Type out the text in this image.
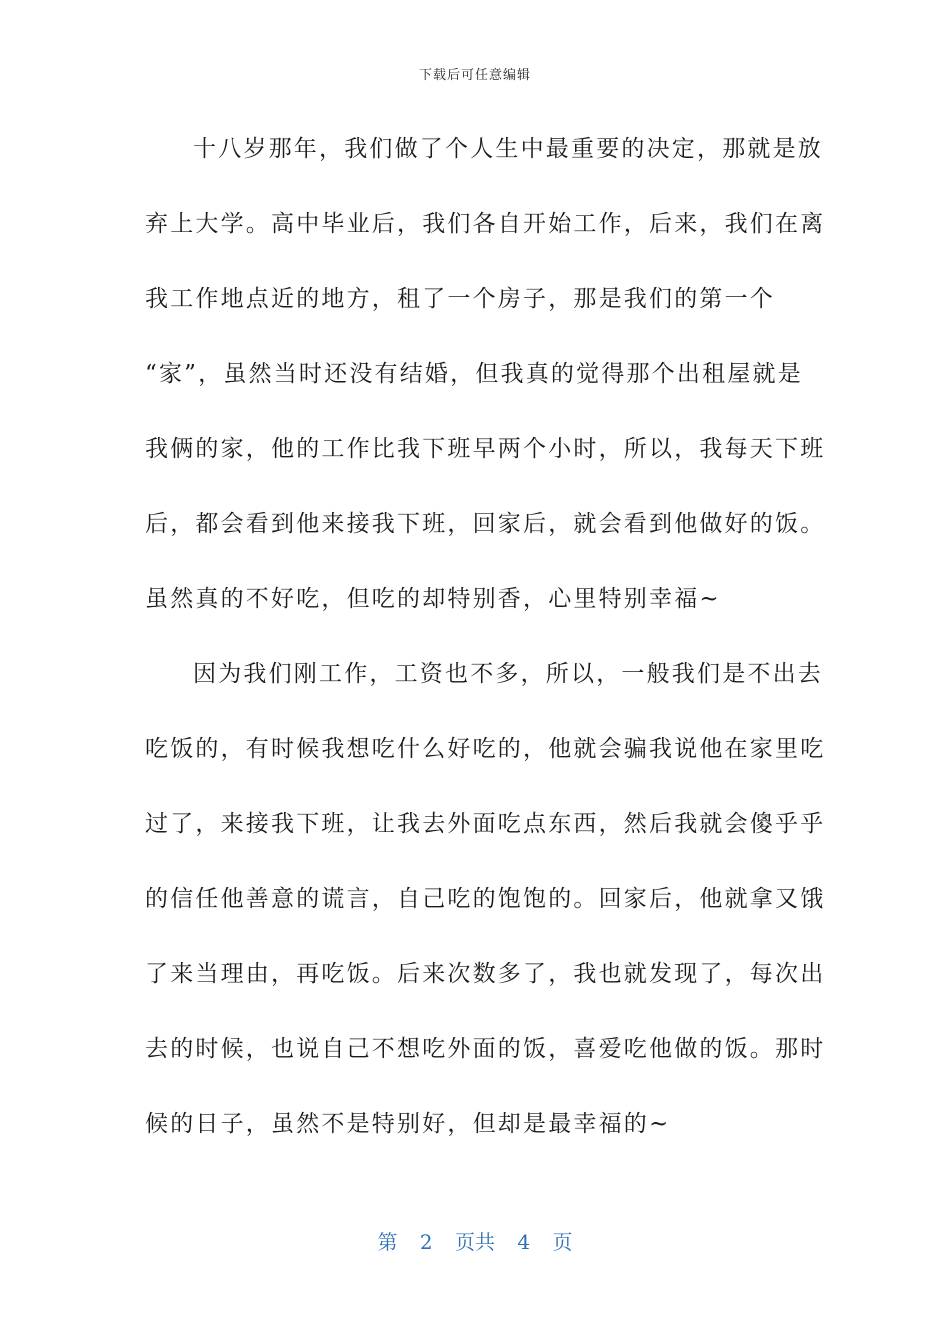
下载后可任意编辑
十八岁那年，我们做了个人生中最重要的决定，那就是放
弃上大学。高中毕业后，我们各自开始工作，后来，我们在离
我工作地点近的地方，租了一个房子，那是我们的第一个
“家”，虽然当时还没有结婚，但我真的觉得那个出租屋就是
我俩的家，他的工作比我下班早两个小时，所以，我每天下班
后，都会看到他来接我下班，回家后，就会看到他做好的饭。
虽然真的不好吃，但吃的却特别香，心里特别幸福~
因为我们刚工作，工资也不多，所以，一般我们是不出去
吃饭的，有时候我想吃什么好吃的，他就会骗我说他在家里吃
过了，来接我下班，让我去外面吃点东西，然后我就会傻乎乎
的信任他善意的谎言，自己吃的饱饱的。回家后，他就拿又饿
了来当理由，再吃饭。后来次数多了，我也就发现了，每次出
去的时候，也说自己不想吃外面的饭，喜爱吃他做的饭。那时
候的日子，虽然不是特别好，但却是最幸福的~
第 2 页共 4 页
